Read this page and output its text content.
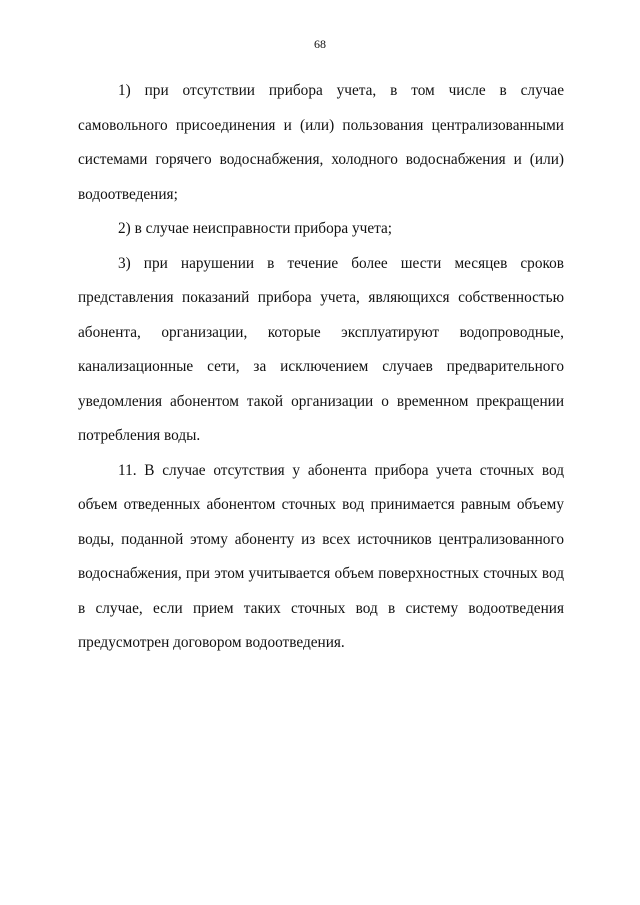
68

1) при отсутствии прибора учета, в том числе в случае самовольного присоединения и (или) пользования централизованными системами горячего водоснабжения, холодного водоснабжения и (или) водоотведения;

2) в случае неисправности прибора учета;

3) при нарушении в течение более шести месяцев сроков представления показаний прибора учета, являющихся собственностью абонента, организации, которые эксплуатируют водопроводные, канализационные сети, за исключением случаев предварительного уведомления абонентом такой организации о временном прекращении потребления воды.

11. В случае отсутствия у абонента прибора учета сточных вод объем отведенных абонентом сточных вод принимается равным объему воды, поданной этому абоненту из всех источников централизованного водоснабжения, при этом учитывается объем поверхностных сточных вод в случае, если прием таких сточных вод в систему водоотведения предусмотрен договором водоотведения.
